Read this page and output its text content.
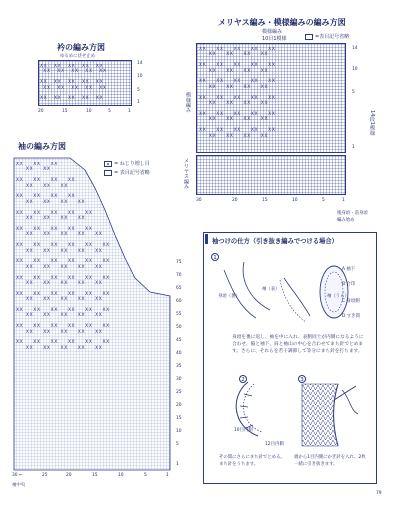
衿の編み方図
ゆるめに伏せ止め
ⅩⅩ  ⅩⅩ  ⅩⅩ  ⅩⅩ  ⅩⅩ
ⅩⅩ  ⅩⅩ  ⅩⅩ  ⅩⅩ  ⅩⅩ

ⅩⅩ  ⅩⅩ  ⅩⅩ  ⅩⅩ  ⅩⅩ
ⅩⅩ  ⅩⅩ  ⅩⅩ  ⅩⅩ  ⅩⅩ

ⅩⅩ  ⅩⅩ  ⅩⅩ  ⅩⅩ  ⅩⅩ
14
10
5
1
20	15	10	5	1
メリヤス編み・模様編みの編み方図
模様編み
10目1模様	=表目記号省略
ⅩⅩ   ⅩⅩ   ⅩⅩ   ⅩⅩ   ⅩⅩ
ⅩⅩ   ⅩⅩ   ⅩⅩ   ⅩⅩ

ⅩⅩ   ⅩⅩ   ⅩⅩ   ⅩⅩ   ⅩⅩ
ⅩⅩ   ⅩⅩ   ⅩⅩ   ⅩⅩ

ⅩⅩ   ⅩⅩ   ⅩⅩ   ⅩⅩ   ⅩⅩ
ⅩⅩ   ⅩⅩ   ⅩⅩ   ⅩⅩ

ⅩⅩ   ⅩⅩ   ⅩⅩ   ⅩⅩ   ⅩⅩ
ⅩⅩ   ⅩⅩ   ⅩⅩ   ⅩⅩ

ⅩⅩ   ⅩⅩ   ⅩⅩ   ⅩⅩ   ⅩⅩ
ⅩⅩ   ⅩⅩ   ⅩⅩ   ⅩⅩ

ⅩⅩ   ⅩⅩ   ⅩⅩ   ⅩⅩ   ⅩⅩ
ⅩⅩ   ⅩⅩ   ⅩⅩ   ⅩⅩ
模様編み
メリヤス編み
14
10
5
1
14段1模様
30	20	15	10	5	1
後身頃・前身頃
編み始め
袖の編み方図
Q = ねじり増し目
= 表目記号省略
ⅩⅩ   ⅩⅩ   ⅩⅩ
ⅩⅩ   ⅩⅩ

ⅩⅩ   ⅩⅩ   ⅩⅩ   ⅩⅩ
ⅩⅩ   ⅩⅩ   ⅩⅩ

ⅩⅩ   ⅩⅩ   ⅩⅩ   ⅩⅩ
ⅩⅩ   ⅩⅩ   ⅩⅩ   ⅩⅩ

ⅩⅩ   ⅩⅩ   ⅩⅩ   ⅩⅩ   ⅩⅩ
ⅩⅩ   ⅩⅩ   ⅩⅩ   ⅩⅩ

ⅩⅩ   ⅩⅩ   ⅩⅩ   ⅩⅩ   ⅩⅩ
ⅩⅩ   ⅩⅩ   ⅩⅩ   ⅩⅩ   ⅩⅩ

ⅩⅩ   ⅩⅩ   ⅩⅩ   ⅩⅩ   ⅩⅩ   ⅩⅩ
ⅩⅩ   ⅩⅩ   ⅩⅩ   ⅩⅩ   ⅩⅩ

ⅩⅩ   ⅩⅩ   ⅩⅩ   ⅩⅩ   ⅩⅩ   ⅩⅩ
ⅩⅩ   ⅩⅩ   ⅩⅩ   ⅩⅩ   ⅩⅩ

ⅩⅩ   ⅩⅩ   ⅩⅩ   ⅩⅩ   ⅩⅩ   ⅩⅩ
ⅩⅩ   ⅩⅩ   ⅩⅩ   ⅩⅩ   ⅩⅩ

ⅩⅩ   ⅩⅩ   ⅩⅩ   ⅩⅩ   ⅩⅩ   ⅩⅩ
ⅩⅩ   ⅩⅩ   ⅩⅩ   ⅩⅩ   ⅩⅩ

ⅩⅩ   ⅩⅩ   ⅩⅩ   ⅩⅩ   ⅩⅩ   ⅩⅩ
ⅩⅩ   ⅩⅩ   ⅩⅩ   ⅩⅩ   ⅩⅩ

ⅩⅩ   ⅩⅩ   ⅩⅩ   ⅩⅩ   ⅩⅩ   ⅩⅩ
ⅩⅩ   ⅩⅩ   ⅩⅩ   ⅩⅩ   ⅩⅩ

ⅩⅩ   ⅩⅩ   ⅩⅩ   ⅩⅩ   ⅩⅩ   ⅩⅩ
ⅩⅩ   ⅩⅩ   ⅩⅩ   ⅩⅩ   ⅩⅩ
75
70
65
60
55
50
45
40
35
30
25
20
15
10
5
1
30 ←	25	20	15	10	5	1
袖中央
袖つけの仕方（引き抜き編みでつける場合）
1
身頃（裏）
袖（表）
袖（うら）
A 袖下
B 合印
C 身頃側
D すき間
身頃を裏に返し、袖を中に入れ、表側同士が内側になるように合わせ、脇と袖下、肩と袖山の中心を合わせてまち針でとめます。さらに、それらを若干調節して等分にまち針を打ちます。
2	3
10目内側
12目内側
その間にさらにまち針でとめる。まち針をうちます。
端から1目内側にかぎ針を入れ、2枚一緒に引き抜きます。
79
